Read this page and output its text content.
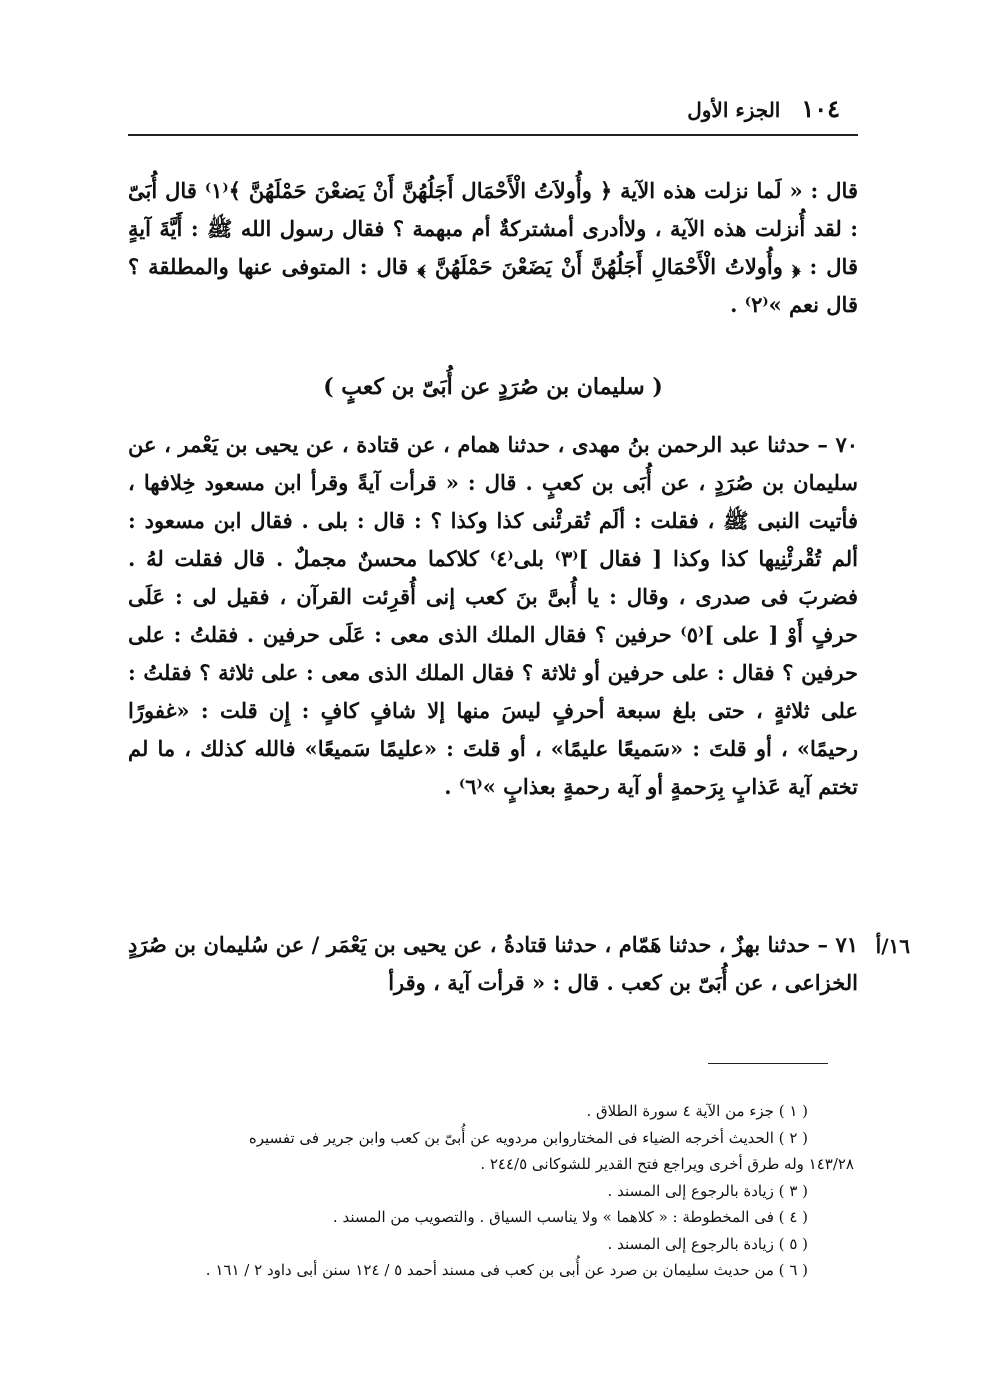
١٠٤ الجزء الأول

قال : « لَما نزلت هذه الآية ﴿ وأُولاَتُ الْأَحْمَال أَجَلُهُنَّ أَنْ يَضعْنَ حَمْلَهُنَّ ﴾⁽١⁾ قال أُبَىّ : لقد أُنزلت هذه الآية ، ولاأدرى أمشتركةٌ أم مبهمة ؟ فقال رسول الله ﷺ : أَيَّةَ آيةٍ قال : ﴿ وأُولاتُ الْأَحْمَالِ أَجَلُهُنَّ أَنْ يَضَعْنَ حَمْلَهُنَّ ﴾ قال : المتوفى عنها والمطلقة ؟ قال نعم »⁽٢⁾ .

( سليمان بن صُرَدٍ عن أُبَىّ بن كعبٍ )

٧٠ – حدثنا عبد الرحمن بنُ مهدى ، حدثنا همام ، عن قتادة ، عن يحيى بن يَعْمر ، عن سليمان بن صُرَدٍ ، عن أُبَى بن كعبٍ . قال : « قرأت آيةً وقرأ ابن مسعود خِلافها ، فأتيت النبى ﷺ ، فقلت : ألَم تُقرئْنى كذا وكذا ؟ : قال : بلى . فقال ابن مسعود : ألم تُقْرئْنِيها كذا وكذا [ فقال ]⁽٣⁾ بلى⁽٤⁾ كلاكما محسنٌ مجملٌ . قال فقلت لهُ . فضربَ فى صدرى ، وقال : يا أُبىَّ بنَ كعب إنى أُقرِئت القرآن ، فقيل لى : عَلَى حرفٍ أَوْ [ على ]⁽٥⁾ حرفين ؟ فقال الملك الذى معى : عَلَى حرفين . فقلتُ : على حرفين ؟ فقال : على حرفين أو ثلاثة ؟ فقال الملك الذى معى : على ثلاثة ؟ فقلتُ : على ثلاثةٍ ، حتى بلغ سبعة أحرفٍ ليسَ منها إلا شافٍ كافٍ : إِن قلت : «غفورًا رحيمًا» ، أو قلتَ : «سَميعًا عليمًا» ، أو قلتَ : «عليمًا سَميعًا» فالله كذلك ، ما لم تختم آية عَذابٍ بِرَحمةٍ أو آية رحمةٍ بعذابٍ »⁽٦⁾ .

١٦/أ

٧١ – حدثنا بهزٌ ، حدثنا هَمّام ، حدثنا قتادةُ ، عن يحيى بن يَعْمَر / عن سُليمان بن صُرَدٍ الخزاعى ، عن أُبَىّ بن كعب . قال : « قرأت آية ، وقرأ

( ١ ) جزء من الآية ٤ سورة الطلاق .

( ٢ ) الحديث أخرجه الضياء فى المختاروابن مردويه عن أُبىّ بن كعب وابن جرير فى تفسيره

١٤٣/٢٨ وله طرق أخرى ويراجع فتح القدير للشوكانى ٢٤٤/٥ .

( ٣ ) زيادة بالرجوع إلى المسند .

( ٤ ) فى المخطوطة : « كلاهما » ولا يناسب السياق . والتصويب من المسند .

( ٥ ) زيادة بالرجوع إلى المسند .

( ٦ ) من حديث سليمان بن صرد عن أُبى بن كعب فى مسند أحمد ٥ / ١٢٤ سنن أبى داود ٢ / ١٦١ .
